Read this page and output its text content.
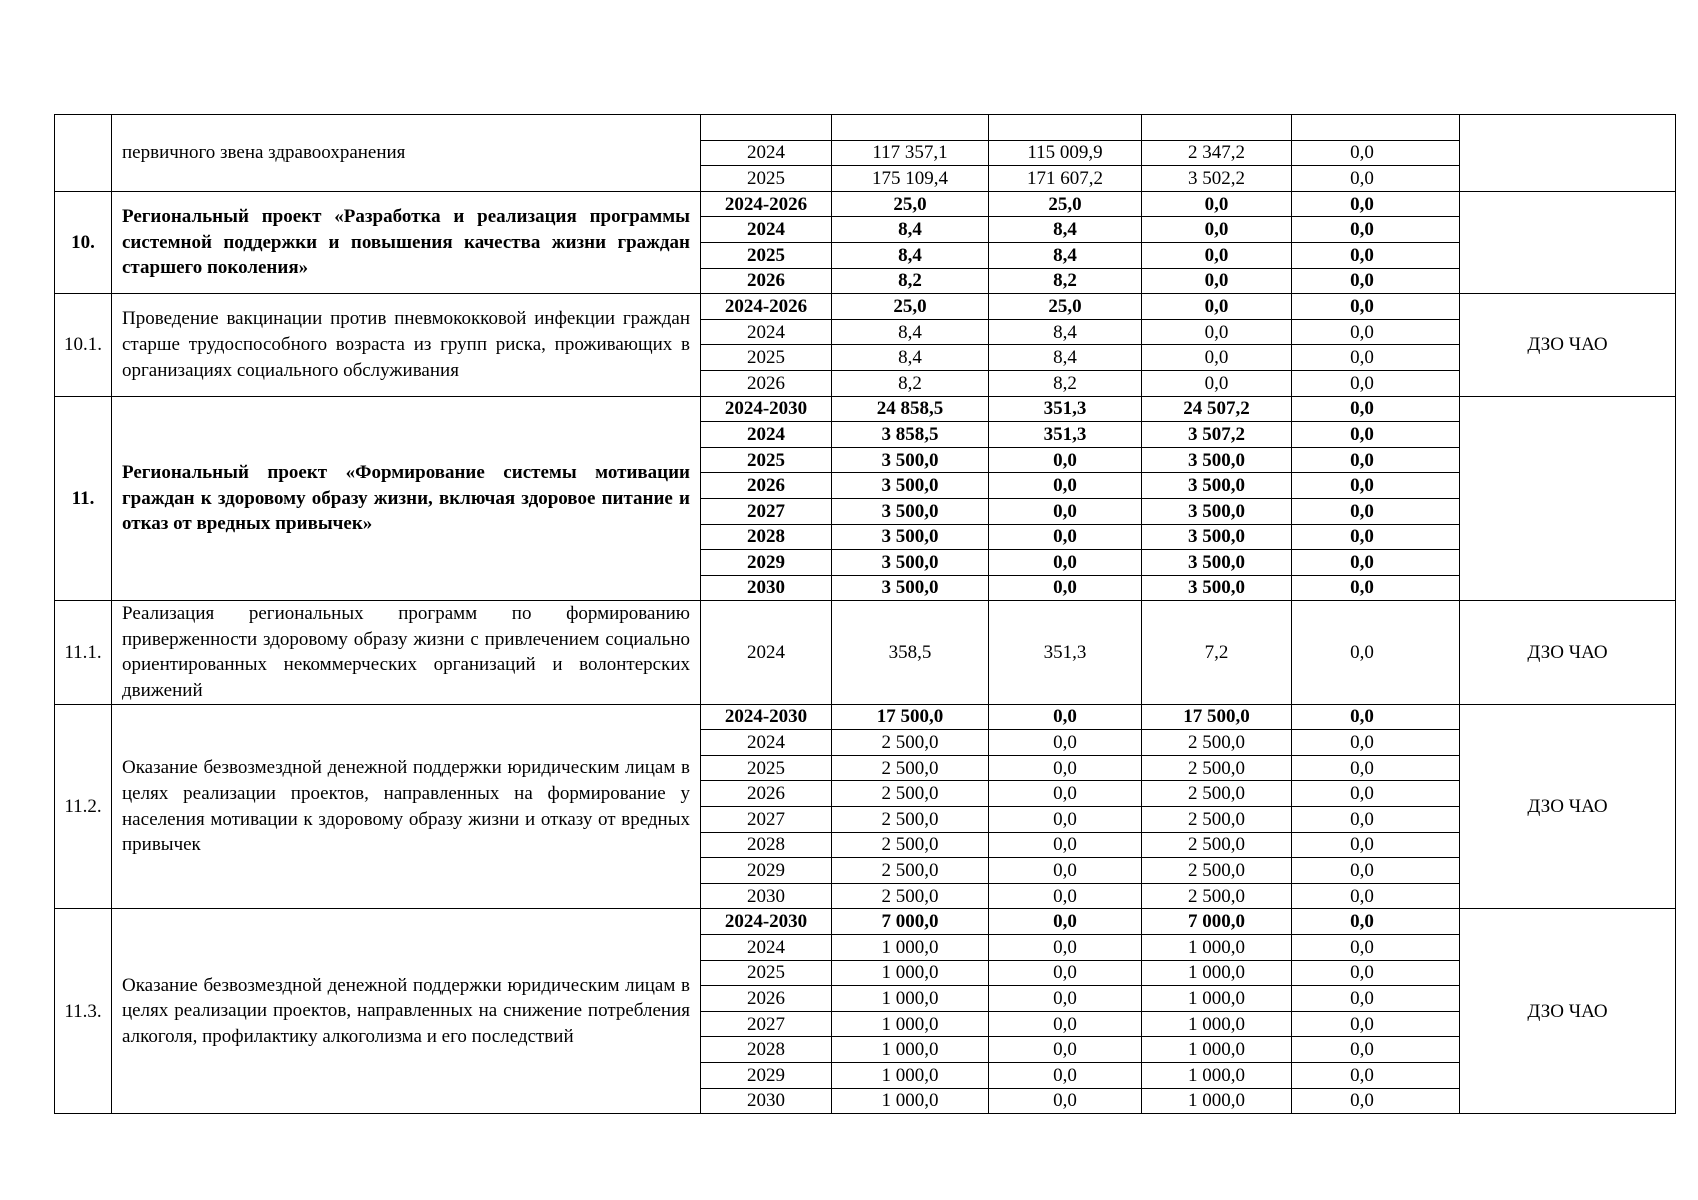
	первичного звена здравоохранения						
		2024	117 357,1	115 009,9	2 347,2	0,0	
		2025	175 109,4	171 607,2	3 502,2	0,0	
10.	Региональный проект «Разработка и реализация программы системной поддержки и повышения качества жизни граждан старшего поколения»	2024-2026	25,0	25,0	0,0	0,0	
		2024	8,4	8,4	0,0	0,0	
		2025	8,4	8,4	0,0	0,0	
		2026	8,2	8,2	0,0	0,0	
10.1.	Проведение вакцинации против пневмококковой инфекции граждан старше трудоспособного возраста из групп риска, проживающих в организациях социального обслуживания	2024-2026	25,0	25,0	0,0	0,0	ДЗО ЧАО
		2024	8,4	8,4	0,0	0,0	
		2025	8,4	8,4	0,0	0,0	
		2026	8,2	8,2	0,0	0,0	
11.	Региональный проект «Формирование системы мотивации граждан к здоровому образу жизни, включая здоровое питание и отказ от вредных привычек»	2024-2030	24 858,5	351,3	24 507,2	0,0	
		2024	3 858,5	351,3	3 507,2	0,0	
		2025	3 500,0	0,0	3 500,0	0,0	
		2026	3 500,0	0,0	3 500,0	0,0	
		2027	3 500,0	0,0	3 500,0	0,0	
		2028	3 500,0	0,0	3 500,0	0,0	
		2029	3 500,0	0,0	3 500,0	0,0	
		2030	3 500,0	0,0	3 500,0	0,0	
11.1.	Реализация региональных программ по формированию приверженности здоровому образу жизни с привлечением социально ориентированных некоммерческих организаций и волонтерских движений	2024	358,5	351,3	7,2	0,0	ДЗО ЧАО
11.2.	Оказание безвозмездной денежной поддержки юридическим лицам в целях реализации проектов, направленных на формирование у населения мотивации к здоровому образу жизни и отказу от вредных привычек	2024-2030	17 500,0	0,0	17 500,0	0,0	ДЗО ЧАО
		2024	2 500,0	0,0	2 500,0	0,0	
		2025	2 500,0	0,0	2 500,0	0,0	
		2026	2 500,0	0,0	2 500,0	0,0	
		2027	2 500,0	0,0	2 500,0	0,0	
		2028	2 500,0	0,0	2 500,0	0,0	
		2029	2 500,0	0,0	2 500,0	0,0	
		2030	2 500,0	0,0	2 500,0	0,0	
11.3.	Оказание безвозмездной денежной поддержки юридическим лицам в целях реализации проектов, направленных на снижение потребления алкоголя, профилактику алкоголизма и его последствий	2024-2030	7 000,0	0,0	7 000,0	0,0	ДЗО ЧАО
		2024	1 000,0	0,0	1 000,0	0,0	
		2025	1 000,0	0,0	1 000,0	0,0	
		2026	1 000,0	0,0	1 000,0	0,0	
		2027	1 000,0	0,0	1 000,0	0,0	
		2028	1 000,0	0,0	1 000,0	0,0	
		2029	1 000,0	0,0	1 000,0	0,0	
		2030	1 000,0	0,0	1 000,0	0,0	
